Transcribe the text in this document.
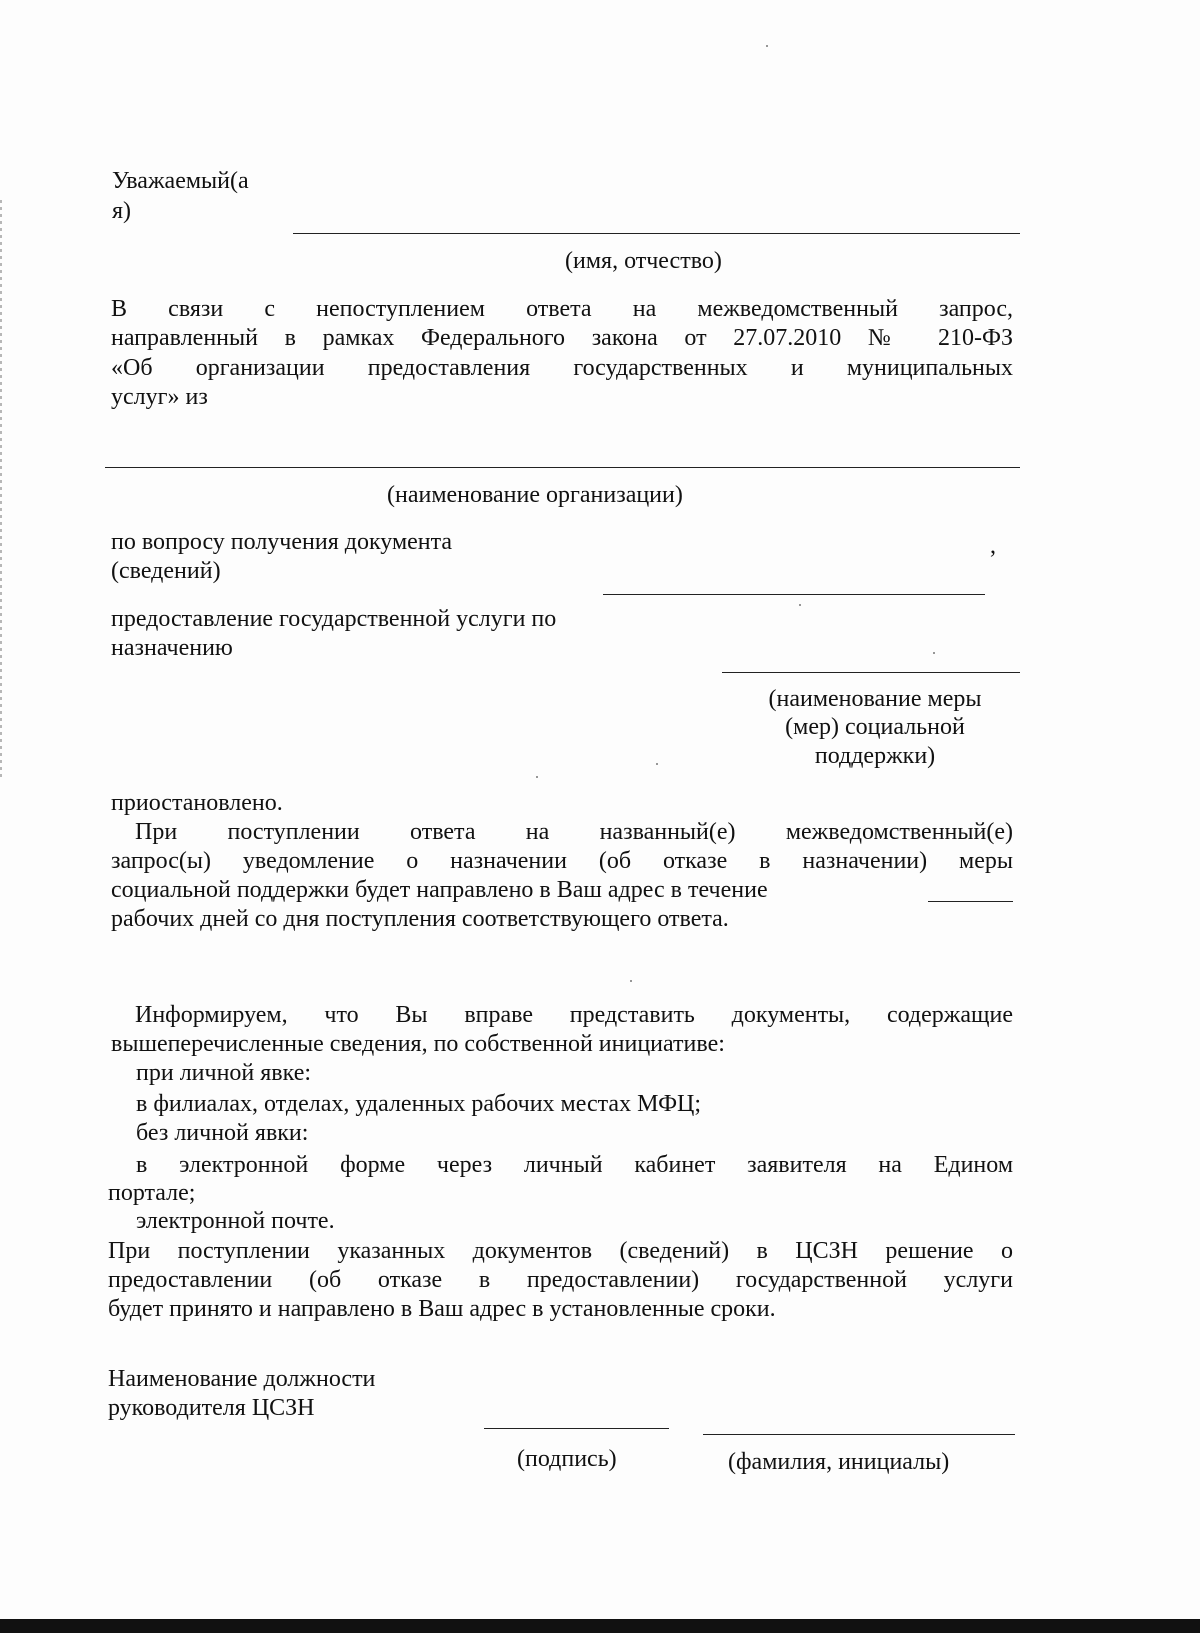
Уважаемый(а
я)
(имя, отчество)
В связи с непоступлением ответа на межведомственный запрос,
направленный в рамках Федерального закона от 27.07.2010 № 210-ФЗ
«Об организации предоставления государственных и муниципальных
услуг» из
(наименование организации)
по вопросу получения документа
(сведений)
,
предоставление государственной услуги по
назначению
(наименование меры
(мер) социальной
поддержки)
приостановлено.
При поступлении ответа на названный(е) межведомственный(е)
запрос(ы) уведомление о назначении (об отказе в назначении) меры
социальной поддержки будет направлено в Ваш адрес в течение
рабочих дней со дня поступления соответствующего ответа.
Информируем, что Вы вправе представить документы, содержащие
вышеперечисленные сведения, по собственной инициативе:
при личной явке:
в филиалах, отделах, удаленных рабочих местах МФЦ;
без личной явки:
в электронной форме через личный кабинет заявителя на Едином
портале;
электронной почте.
При поступлении указанных документов (сведений) в ЦСЗН решение о
предоставлении (об отказе в предоставлении) государственной услуги
будет принято и направлено в Ваш адрес в установленные сроки.
Наименование должности
руководителя ЦСЗН
(подпись)	(фамилия, инициалы)
